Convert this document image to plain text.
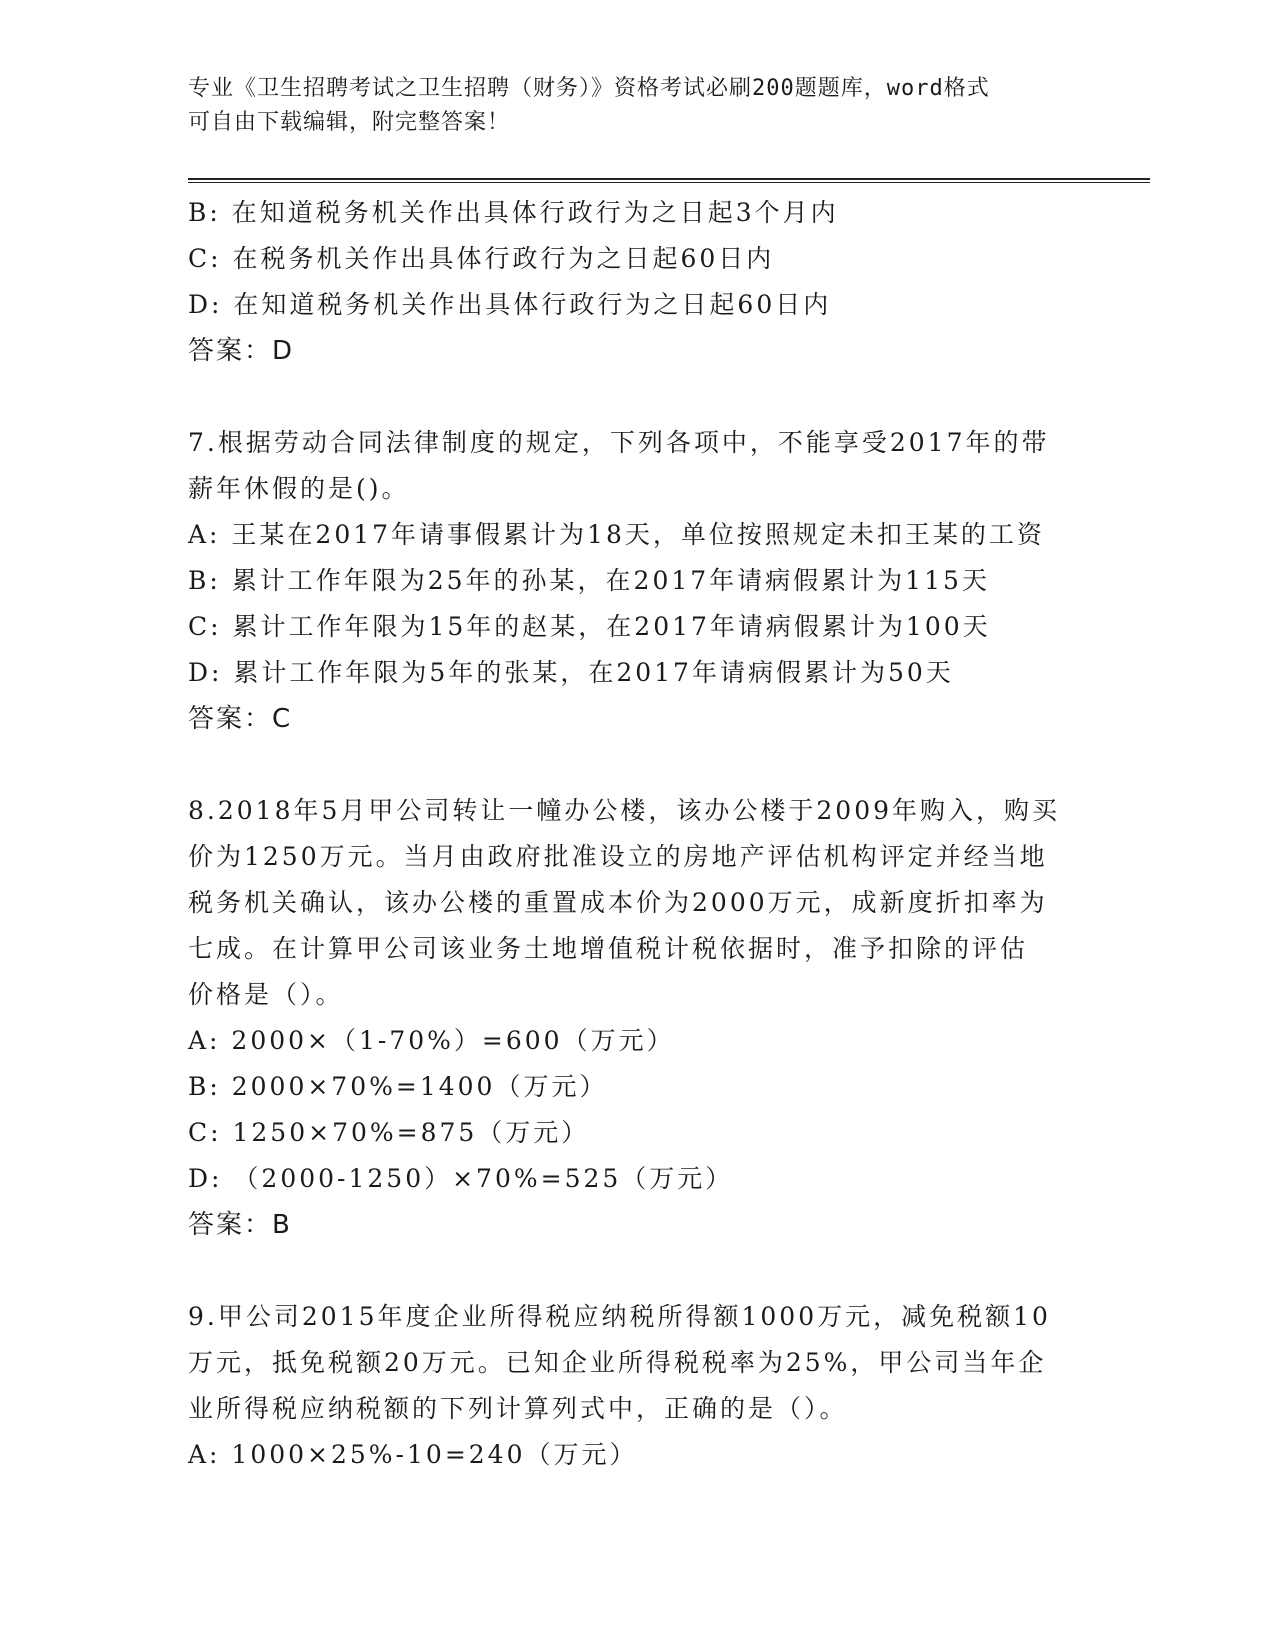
专业《卫生招聘考试之卫生招聘（财务）》资格考试必刷200题题库，word格式
可自由下载编辑，附完整答案！
B: 在知道税务机关作出具体行政行为之日起3个月内
C: 在税务机关作出具体行政行为之日起60日内
D: 在知道税务机关作出具体行政行为之日起60日内
答案：D
7.根据劳动合同法律制度的规定，下列各项中，不能享受2017年的带
薪年休假的是()。
A: 王某在2017年请事假累计为18天，单位按照规定未扣王某的工资
B: 累计工作年限为25年的孙某，在2017年请病假累计为115天
C: 累计工作年限为15年的赵某，在2017年请病假累计为100天
D: 累计工作年限为5年的张某，在2017年请病假累计为50天
答案：C
8.2018年5月甲公司转让一幢办公楼，该办公楼于2009年购入，购买
价为1250万元。当月由政府批准设立的房地产评估机构评定并经当地
税务机关确认，该办公楼的重置成本价为2000万元，成新度折扣率为
七成。在计算甲公司该业务土地增值税计税依据时，准予扣除的评估
价格是（）。
A: 2000×（1-70%）=600（万元）
B: 2000×70%=1400（万元）
C: 1250×70%=875（万元）
D: （2000-1250）×70%=525（万元）
答案：B
9.甲公司2015年度企业所得税应纳税所得额1000万元，减免税额10
万元，抵免税额20万元。已知企业所得税税率为25%，甲公司当年企
业所得税应纳税额的下列计算列式中，正确的是（）。
A: 1000×25%-10=240（万元）
